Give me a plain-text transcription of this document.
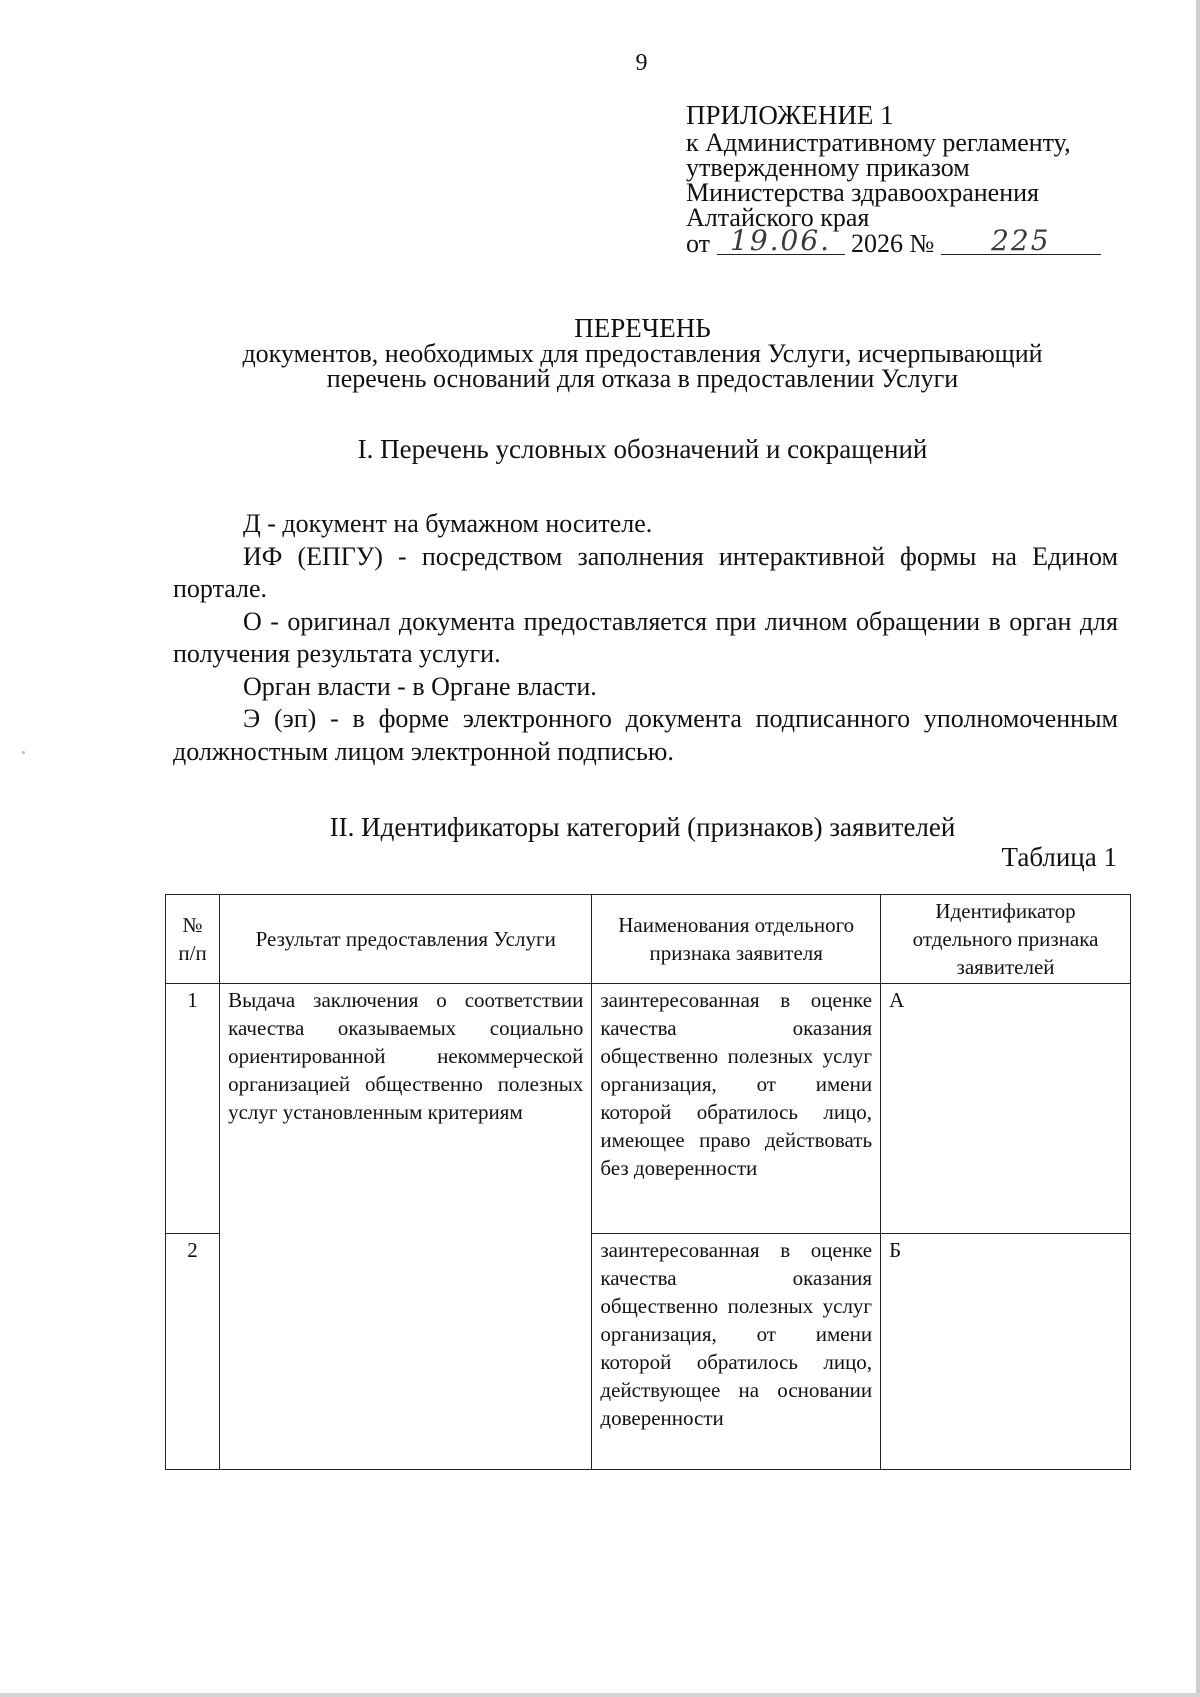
9
ПРИЛОЖЕНИЕ 1
к Административному регламенту,
утвержденному приказом
Министерства здравоохранения
Алтайского края
от 19.06. 2026 № 225
ПЕРЕЧЕНЬ
документов, необходимых для предоставления Услуги, исчерпывающий
перечень оснований для отказа в предоставлении Услуги
I. Перечень условных обозначений и сокращений

Д - документ на бумажном носителе.

ИФ (ЕПГУ) - посредством заполнения интерактивной формы на Едином портале.

О - оригинал документа предоставляется при личном обращении в орган для получения результата услуги.

Орган власти - в Органе власти.

Э (эп) - в форме электронного документа подписанного уполномоченным должностным лицом электронной подписью.

II. Идентификаторы категорий (признаков) заявителей
Таблица 1
№ п/п	Результат предоставления Услуги	Наименования отдельного признака заявителя	Идентификатор отдельного признака заявителей
1	Выдача заключения о соответствии качества оказываемых социально ориентированной некоммерческой организацией общественно полезных услуг установленным критериям	заинтересованная в оценке качества оказания общественно полезных услуг организация, от имени которой обратилось лицо, имеющее право действовать без доверенности	А
2		заинтересованная в оценке качества оказания общественно полезных услуг организация, от имени которой обратилось лицо, действующее на основании доверенности	Б
